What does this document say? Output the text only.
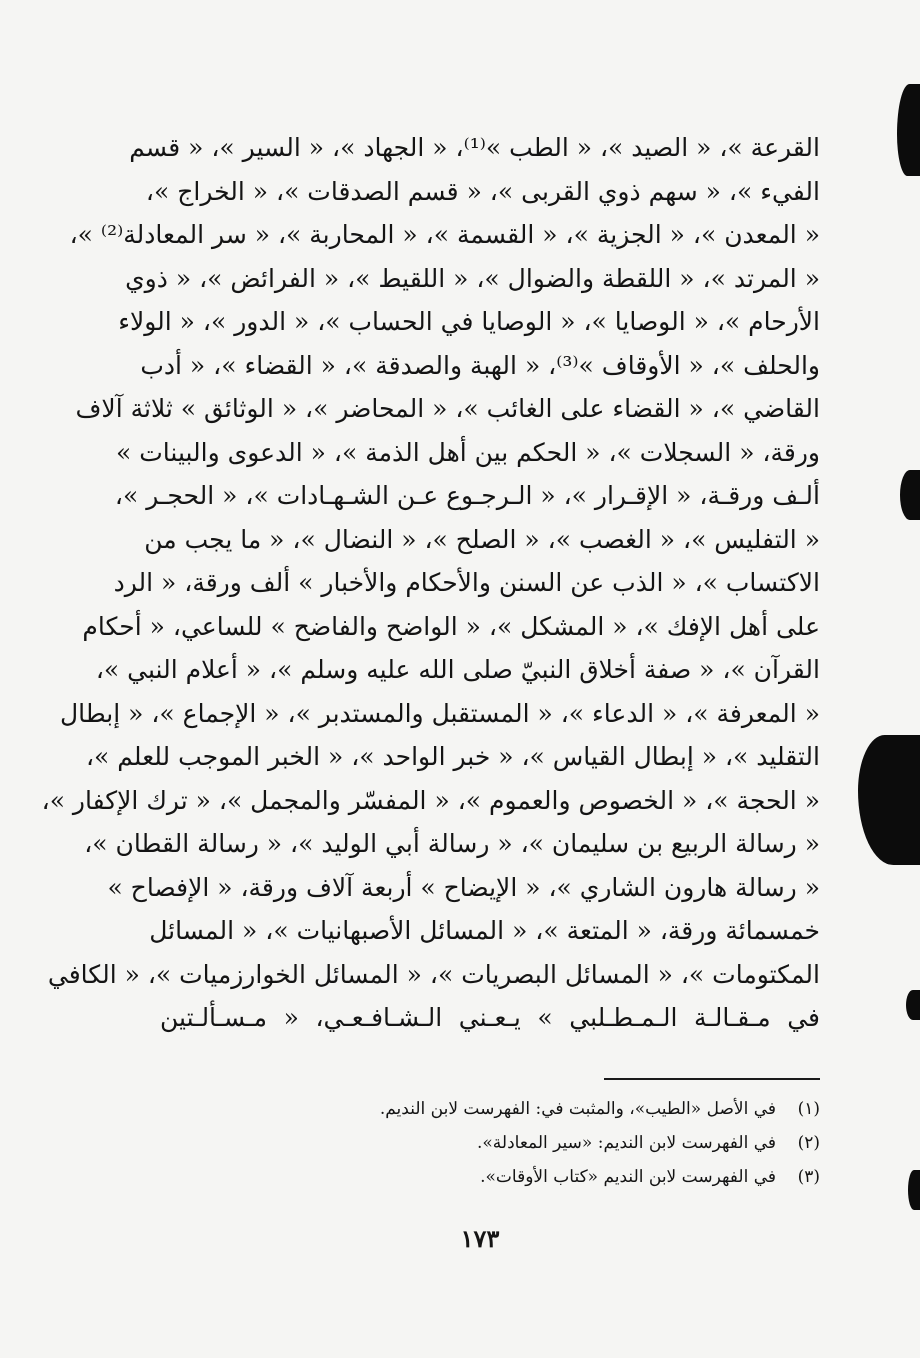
القرعة »، « الصيد »، « الطب »⁽¹⁾، « الجهاد »، « السير »، « قسم
الفيء »، « سهم ذوي القربى »، « قسم الصدقات »، « الخراج »،
« المعدن »، « الجزية »، « القسمة »، « المحاربة »، « سر المعادلة⁽²⁾ »،
« المرتد »، « اللقطة والضوال »، « اللقيط »، « الفرائض »، « ذوي
الأرحام »، « الوصايا »، « الوصايا في الحساب »، « الدور »، « الولاء
والحلف »، « الأوقاف »⁽³⁾، « الهبة والصدقة »، « القضاء »، « أدب
القاضي »، « القضاء على الغائب »، « المحاضر »، « الوثائق » ثلاثة آلاف
ورقة، « السجلات »، « الحكم بين أهل الذمة »، « الدعوى والبينات »
ألـف ورقـة، « الإقـرار »، « الـرجـوع عـن الشـهـادات »، « الحجـر »،
« التفليس »، « الغصب »، « الصلح »، « النضال »، « ما يجب من
الاكتساب »، « الذب عن السنن والأحكام والأخبار » ألف ورقة، « الرد
على أهل الإفك »، « المشكل »، « الواضح والفاضح » للساعي، « أحكام
القرآن »، « صفة أخلاق النبيّ صلى الله عليه وسلم »، « أعلام النبي »،
« المعرفة »، « الدعاء »، « المستقبل والمستدبر »، « الإجماع »، « إبطال
التقليد »، « إبطال القياس »، « خبر الواحد »، « الخبر الموجب للعلم »،
« الحجة »، « الخصوص والعموم »، « المفسّر والمجمل »، « ترك الإكفار »،
« رسالة الربيع بن سليمان »، « رسالة أبي الوليد »، « رسالة القطان »،
« رسالة هارون الشاري »، « الإيضاح » أربعة آلاف ورقة، « الإفصاح »
خمسمائة ورقة، « المتعة »، « المسائل الأصبهانيات »، « المسائل
المكتومات »، « المسائل البصريات »، « المسائل الخوارزميات »، « الكافي
في مـقـالـة الـمـطـلبي » يـعـني الـشـافـعـي، « مـسـألـتين
(١)
في الأصل «الطيب»، والمثبت في: الفهرست لابن النديم.
(٢)
في الفهرست لابن النديم: «سير المعادلة».
(٣)
في الفهرست لابن النديم «كتاب الأوقات».
١٧٣
